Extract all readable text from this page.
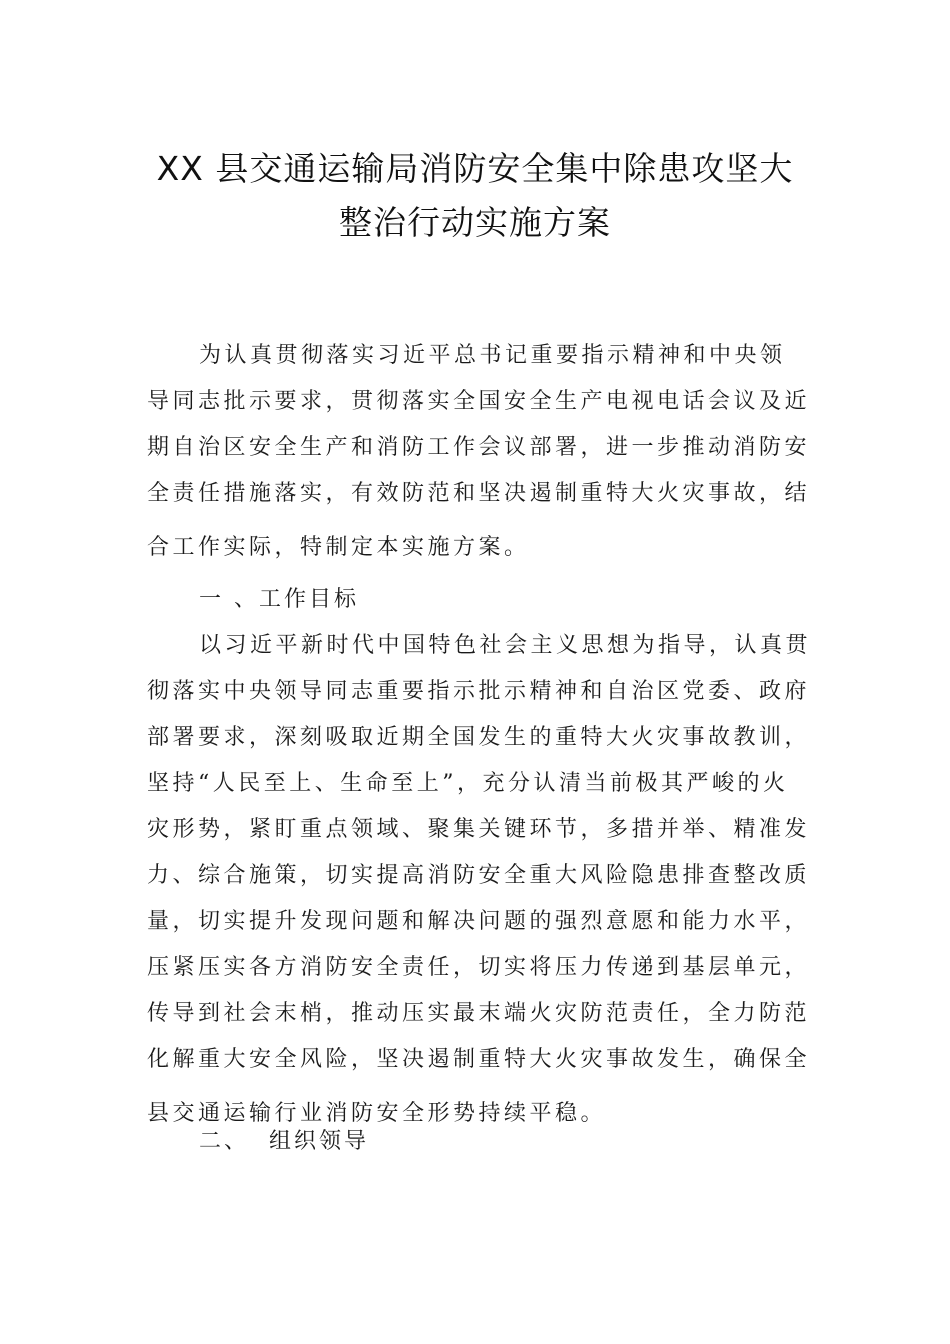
XX 县交通运输局消防安全集中除患攻坚大
整治行动实施方案
为认真贯彻落实习近平总书记重要指示精神和中央领
导同志批示要求，贯彻落实全国安全生产电视电话会议及近
期自治区安全生产和消防工作会议部署，进一步推动消防安
全责任措施落实，有效防范和坚决遏制重特大火灾事故，结
合工作实际，特制定本实施方案。
一 、工作目标
以习近平新时代中国特色社会主义思想为指导，认真贯
彻落实中央领导同志重要指示批示精神和自治区党委、政府
部署要求，深刻吸取近期全国发生的重特大火灾事故教训，
坚持“人民至上、生命至上”，充分认清当前极其严峻的火
灾形势，紧盯重点领域、聚集关键环节，多措并举、精准发
力、综合施策，切实提高消防安全重大风险隐患排查整改质
量，切实提升发现问题和解决问题的强烈意愿和能力水平，
压紧压实各方消防安全责任，切实将压力传递到基层单元，
传导到社会末梢，推动压实最末端火灾防范责任，全力防范
化解重大安全风险，坚决遏制重特大火灾事故发生，确保全
县交通运输行业消防安全形势持续平稳。
二、  组织领导
